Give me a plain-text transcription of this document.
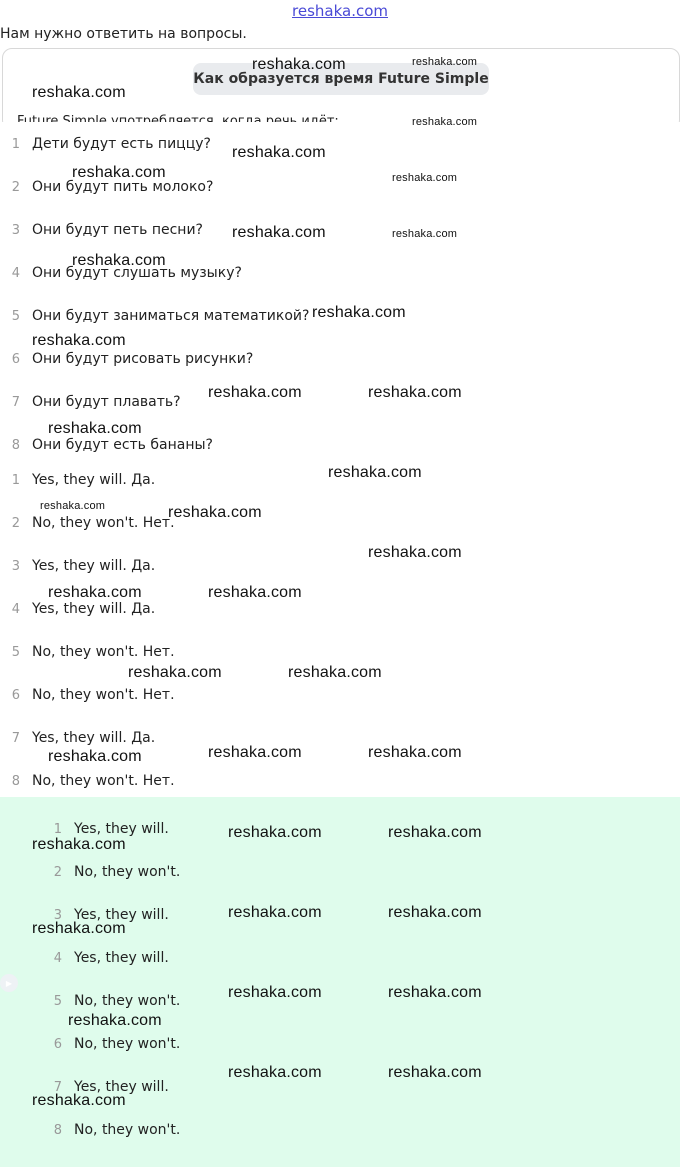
reshaka.com
Нам нужно ответить на вопросы.
Как образуется время Future Simple
1 Дети будут есть пиццу?
2 Они будут пить молоко?
3 Они будут петь песни?
4 Они будут слушать музыку?
5 Они будут заниматься математикой?
6 Они будут рисовать рисунки?
7 Они будут плавать?
8 Они будут есть бананы?
1 Yes, they will. Да.
2 No, they won't. Нет.
3 Yes, they will. Да.
4 Yes, they will. Да.
5 No, they won't. Нет.
6 No, they won't. Нет.
7 Yes, they will. Да.
8 No, they won't. Нет.
1 Yes, they will.
2 No, they won't.
3 Yes, they will.
4 Yes, they will.
5 No, they won't.
6 No, they won't.
7 Yes, they will.
8 No, they won't.
▶
reshaka.com	reshaka.com
reshaka.com
reshaka.com
reshaka.com
reshaka.com	reshaka.com
reshaka.com	reshaka.com
reshaka.com
reshaka.com
reshaka.com
reshaka.com	reshaka.com
reshaka.com
reshaka.com
reshaka.com	reshaka.com
reshaka.com
reshaka.com	reshaka.com
reshaka.com	reshaka.com
reshaka.com	reshaka.com	reshaka.com
reshaka.com	reshaka.com
reshaka.com
reshaka.com	reshaka.com
reshaka.com
reshaka.com	reshaka.com
reshaka.com
reshaka.com	reshaka.com
reshaka.com
